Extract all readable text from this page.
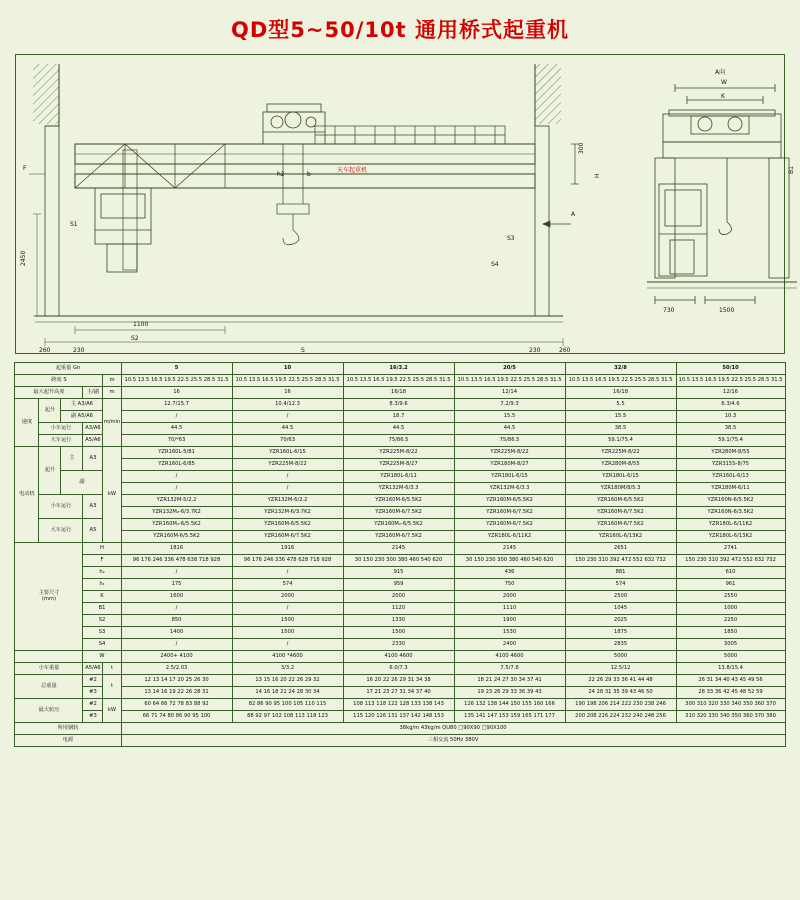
QD型5~50/10t 通用桥式起重机
天车起重机
2450
F
S1
1100
S2
h2	b
S
260	230	230	260
S3
S4
300
H
A
A向
W
K
730	1500
B1
起重量 Gn					5	10	16/3.2	20/5	32/8	50/10
跨度 S				m	10.5 13.5 16.5 19.5 22.5 25.5 28.5 31.5	10.5 13.5 16.5 19.5 22.5 25.5 28.5 31.5	10.5 13.5 16.5 19.5 22.5 25.5 28.5 31.5	10.5 13.5 16.5 19.5 22.5 25.5 28.5 31.5	10.5 13.5 16.5 19.5 22.5 25.5 28.5 31.5	10.5 13.5 16.5 19.5 22.5 25.5 28.5 31.5
最大起升高度			主/副	m	16	16	16/18	12/14	16/18	12/16
速度	起升	主 A3/A6		m/min	12.7/15.7	10.4/12.3	8.3/9.6	7.2/9.3	5.5	6.3/4.6
		副 A5/A6			/	/	18.7	15.5	15.5	10.3
	小车运行		A3/A6		44.5	44.5	44.5	44.5	38.5	38.5
	大车运行		A5/A6		70/*63	70/63	75/86.5	75/86.5	59.1/75.4	59.1/75.4
电动机	起升	主	A3	kW	YZR160L-5/81	YZR160L-6/15	YZR225M-8/22	YZR225M-8/22	YZR225M-8/22	YZR280M-8/55
					YZR160L-6/85	YZR225M-8/22	YZR225M-8/27	YZR180M-8/27	YZR280M-8/55	YZR315S-8/75
		副			/	/	YZR180L-6/11	YZR180L-6/15	YZR180L-6/15	YZR160L-6/13
					/	/	YZR132M-6/3.3	YZR132M-6/3.3	YZR180M/8/5.3	YZR180M-6/11
	小车运行		A3		YZR132M-5/2.2	YZR132M-6/2.2	YZR160M-6/5.5K2	YZR160M-6/5.5K2	YZR160M-6/5.5K2	YZR160N-6/5.5K2
					YZR132M₂-6/3.7K2	YZR132M-6/3.7K2	YZR160M-6/7.5K2	YZR160M-6/7.5K2	YZR160M-6/7.5K2	YZR160N-6/3.5K2
	大车运行		A5		YZR160M₂-6/5.5K2	YZR160M-6/5.5K2	YZR160M₂-6/5.5K2	YZR160M-6/7.5K2	YZR160M-6/7.5K2	YZR180L-6/11K2
					YZR160M-6/5.5K2	YZR160M-6/7.5K2	YZR160M-6/7.5K2	YZR180L-6/11K2	YZR160L-6/13K2	YZR180L-6/13K2

主要尺寸
(mm)			H		1816	1916	2145	2145	2651	2741
			F		96 176 246 336 478 638 718 928	96 176 246 336 478 628 718 928	30 150 230 300 380 460 540 620	30 150 230 300 380 460 540 620	150 230 310 392 472 552 632 732	150 230 310 392 472 552 632 732
			h₂		/	/	915	436	881	610
			h₁		175	574	959	750	574	961
			K		1600	2000	2000	2000	2500	2550
			B1		/	/	1120	1110	1045	1000
			S2		850	1500	1330	1900	2025	2250
			S3		1400	1500	1500	1530	1875	1850
			S4		/	/	2330	2400	2835	3005
			W		2400+ 4100	4100 *4600	4100 4600	4100 4600	5000	5000
小车重量			A5/A6	t	2.5/2.03	3/3.2	6.0/7.3	7.5/7.8	12.5/12	13.8/15.4
总重量			#2	t	12 13 14 17 20 25 26 30	13 15 16 20 22 26 29 32	16 20 22 26 29 31 34 38	18 21 24 27 30 34 37 41	22 26 29 33 36 41 44 48	26 31 34 40 43 45 49 56
			#3		13 14 16 19 22 26 28 31	14 16 18 21 24 28 30 34	17 21 23 27 31 34 37 40	19 23 26 29 33 36 39 43	24 28 31 35 39 43 46 50	28 33 36 42 45 48 52 59
最大轮压			#2	kW	60 64 66 72 78 83 88 92	82 86 90 95 100 105 110 115	108 113 118 122 128 133 138 143	126 132 138 144 150 155 160 166	190 198 206 214 222 230 238 246	300 310 320 330 340 350 360 370
			#3		66 71 74 80 86 90 95 100	88 92 97 102 108 113 118 123	115 120 126 131 137 142 148 153	135 141 147 153 159 165 171 177	200 208 216 224 232 240 248 256	310 320 330 340 350 360 370 380
所用钢轨					38kg/m 43kg/m QU80 □90X90 □90X100					
电源					三相交流 50Hz 380V					
